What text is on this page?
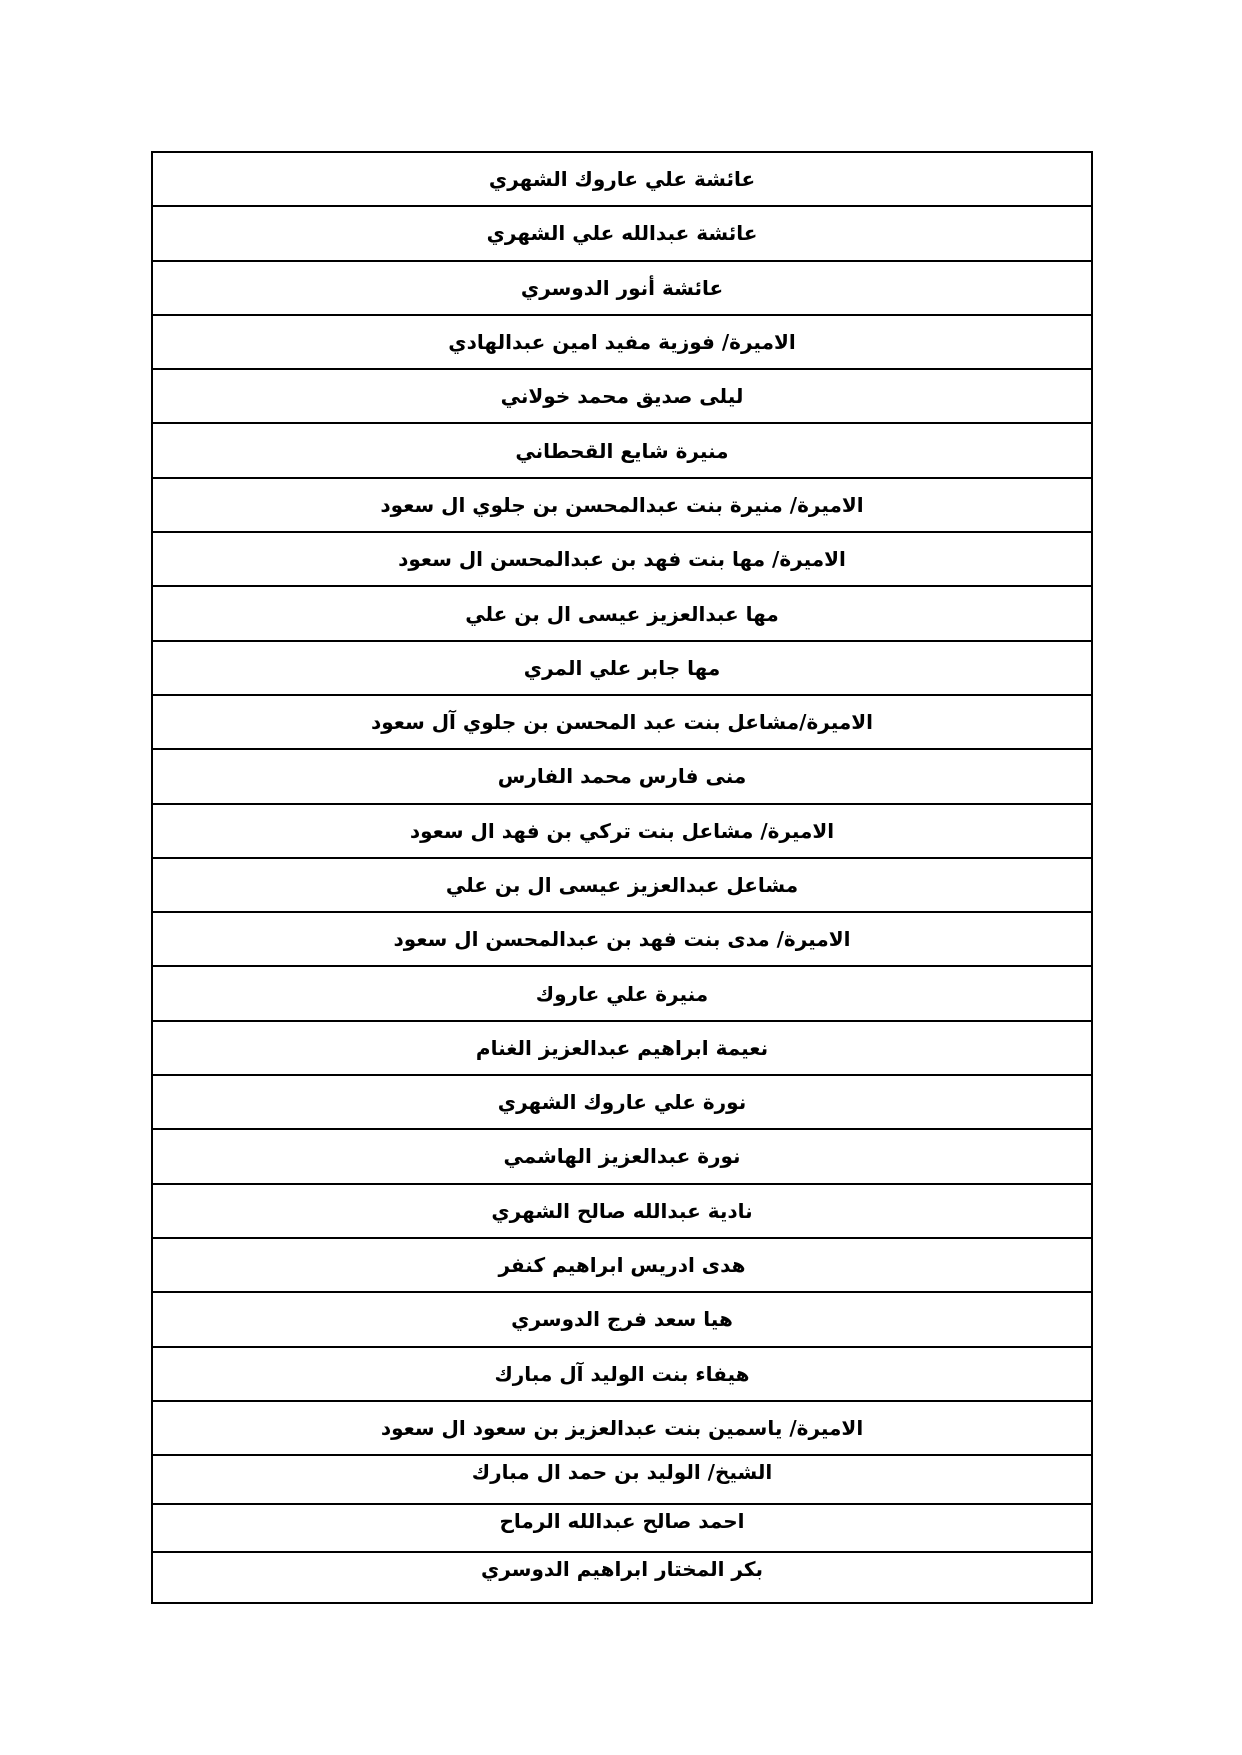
عائشة علي عاروك الشهري
عائشة عبدالله علي الشهري
عائشة أنور الدوسري
الاميرة/ فوزية مفيد امين عبدالهادي
ليلى صديق محمد خولاني
منيرة شايع القحطاني
الاميرة/ منيرة بنت عبدالمحسن بن جلوي ال سعود
الاميرة/ مها بنت فهد بن عبدالمحسن ال سعود
مها عبدالعزيز عيسى ال بن علي
مها جابر علي المري
الاميرة/مشاعل بنت عبد المحسن بن جلوي آل سعود
منى فارس محمد الفارس
الاميرة/ مشاعل بنت تركي بن فهد ال سعود
مشاعل عبدالعزيز عيسى ال بن علي
الاميرة/ مدى بنت فهد بن عبدالمحسن ال سعود
منيرة علي عاروك
نعيمة ابراهيم عبدالعزيز الغنام
نورة علي عاروك الشهري
نورة عبدالعزيز الهاشمي
نادية عبدالله صالح الشهري
هدى ادريس ابراهيم كنفر
هيا سعد فرج الدوسري
هيفاء بنت الوليد آل مبارك
الاميرة/ ياسمين بنت عبدالعزيز بن سعود ال سعود
الشيخ/ الوليد بن حمد ال مبارك
احمد صالح عبدالله الرماح
بكر المختار ابراهيم الدوسري
